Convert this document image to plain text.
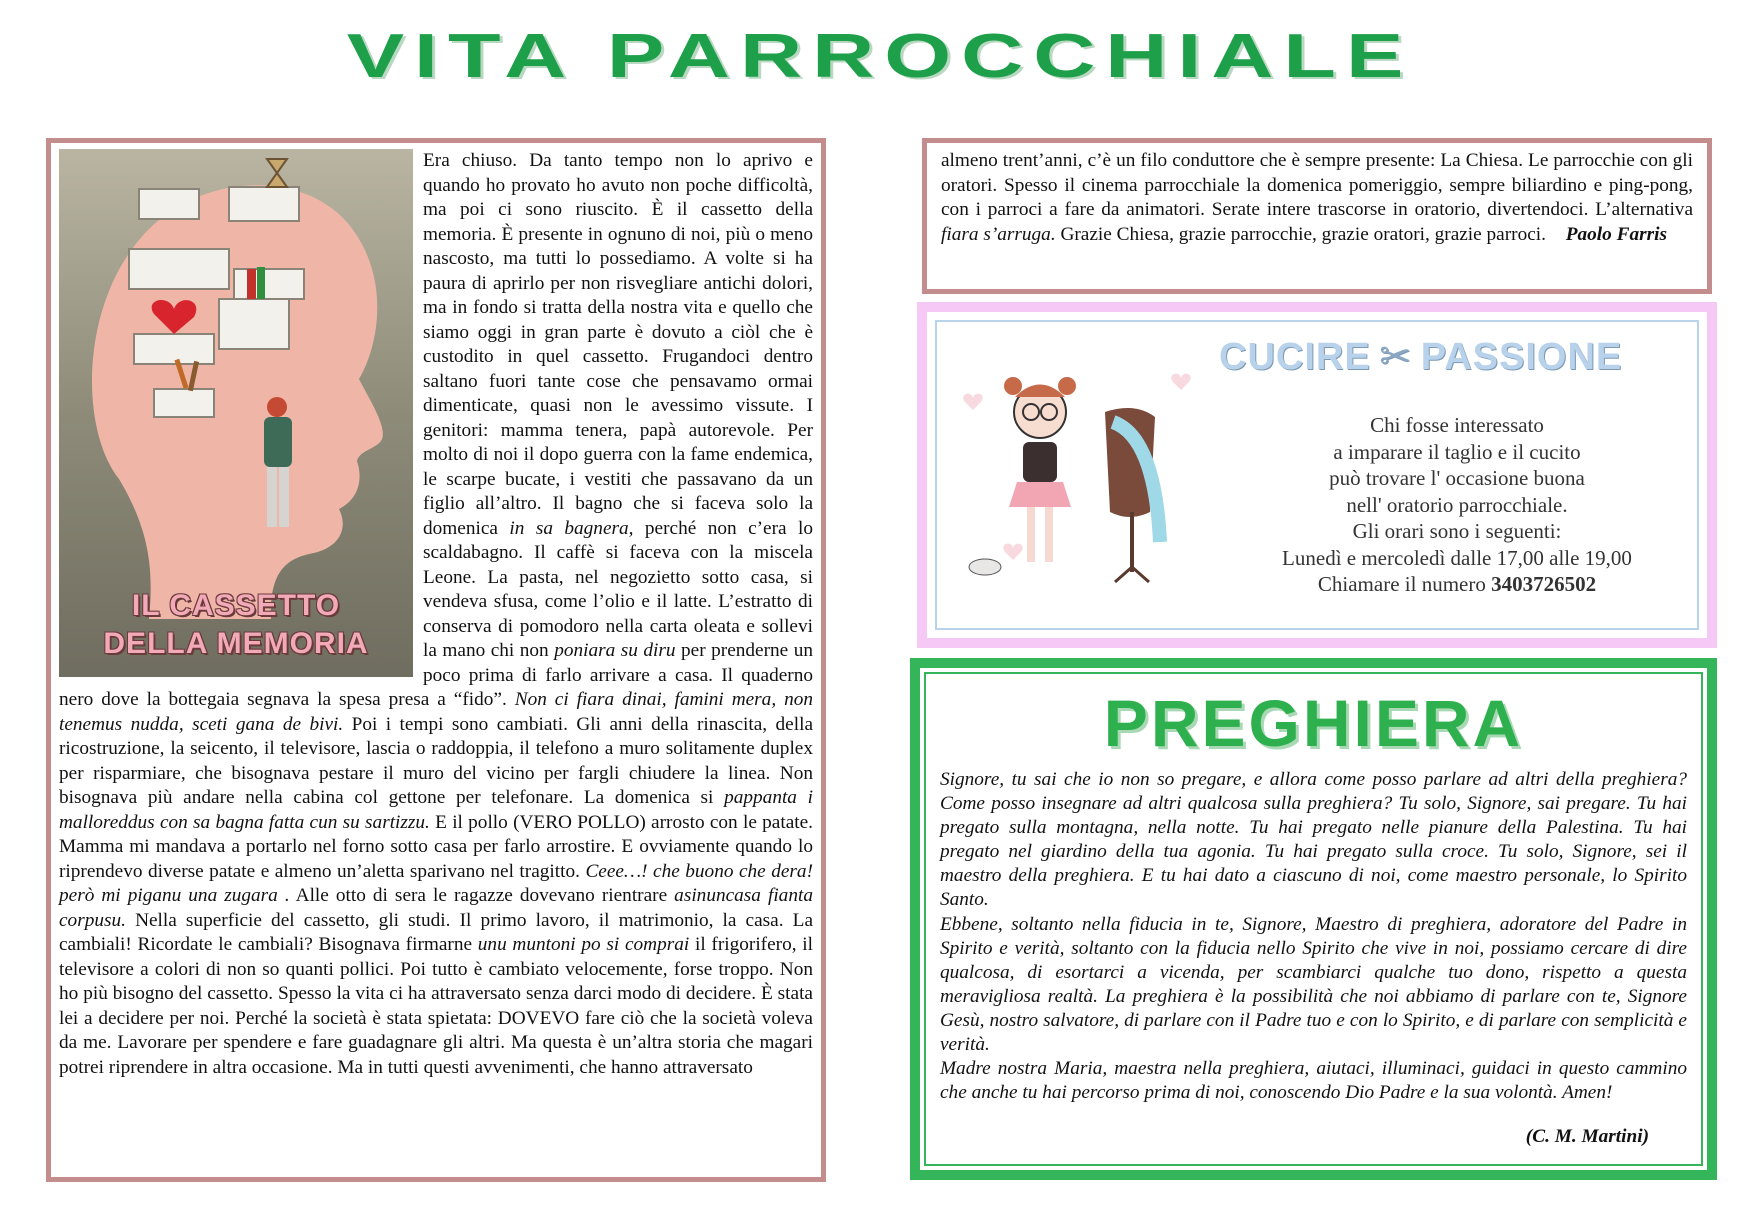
VITA PARROCCHIALE
IL CASSETTO
DELLA MEMORIA

Era chiuso. Da tanto tempo non lo aprivo e quando ho provato ho avuto non poche difficoltà, ma poi ci sono riuscito. È il cassetto della memoria. È presente in ognuno di noi, più o meno nascosto, ma tutti lo possediamo. A volte si ha paura di aprirlo per non risvegliare antichi dolori, ma in fondo si tratta della nostra vita e quello che siamo oggi in gran parte è dovuto a ciòl che è custodito in quel cassetto. Frugandoci dentro saltano fuori tante cose che pensavamo ormai dimenticate, quasi non le avessimo vissute. I genitori: mamma tenera, papà autorevole. Per molto di noi il dopo guerra con la fame endemica, le scarpe bucate, i vestiti che passavano da un figlio all’altro. Il bagno che si faceva solo la domenica in sa bagnera, perché non c’era lo scaldabagno. Il caffè si faceva con la miscela Leone. La pasta, nel negozietto sotto casa, si vendeva sfusa, come l’olio e il latte. L’estratto di conserva di pomodoro nella carta oleata e sollevi la mano chi non poniara su diru per prenderne un poco prima di farlo arrivare a casa. Il quaderno nero dove la bottegaia segnava la spesa presa a “fido”. Non ci fiara dinai, famini mera, non tenemus nudda, sceti gana de bivi. Poi i tempi sono cambiati. Gli anni della rinascita, della ricostruzione, la seicento, il televisore, lascia o raddoppia, il telefono a muro solitamente duplex per risparmiare, che bisognava pestare il muro del vicino per fargli chiudere la linea. Non bisognava più andare nella cabina col gettone per telefonare. La domenica si pappanta i malloreddus con sa bagna fatta cun su sartizzu. E il pollo (VERO POLLO) arrosto con le patate. Mamma mi mandava a portarlo nel forno sotto casa per farlo arrostire. E ovviamente quando lo riprendevo diverse patate e almeno un’aletta sparivano nel tragitto. Ceee…! che buono che dera! però mi piganu una zugara . Alle otto di sera le ragazze dovevano rientrare asinuncasa fianta corpusu. Nella superficie del cassetto, gli studi. Il primo lavoro, il matrimonio, la casa. La cambiali! Ricordate le cambiali? Bisognava firmarne unu muntoni po si comprai il frigorifero, il televisore a colori di non so quanti pollici. Poi tutto è cambiato velocemente, forse troppo. Non ho più bisogno del cassetto. Spesso la vita ci ha attraversato senza darci modo di decidere. È stata lei a decidere per noi. Perché la società è stata spietata: DOVEVO fare ciò che la società voleva da me. Lavorare per spendere e fare guadagnare gli altri. Ma questa è un’altra storia che magari potrei riprendere in altra occasione. Ma in tutti questi avvenimenti, che hanno attraversato

almeno trent’anni, c’è un filo conduttore che è sempre presente: La Chiesa. Le parrocchie con gli oratori. Spesso il cinema parrocchiale la domenica pomeriggio, sempre biliardino e ping-pong, con i parroci a fare da animatori. Serate intere trascorse in oratorio, divertendoci. L’alternativa fiara s’arruga. Grazie Chiesa, grazie parrocchie, grazie oratori, grazie parroci. Paolo Farris
CUCIRE ✂ PASSIONE
Chi fosse interessato
a imparare il taglio e il cucito
può trovare l' occasione buona
nell' oratorio parrocchiale.
Gli orari sono i seguenti:
Lunedì e mercoledì dalle 17,00 alle 19,00
Chiamare il numero 3403726502
PREGHIERA

Signore, tu sai che io non so pregare, e allora come posso parlare ad altri della preghiera? Come posso insegnare ad altri qualcosa sulla preghiera? Tu solo, Signore, sai pregare. Tu hai pregato sulla montagna, nella notte. Tu hai pregato nelle pianure della Palestina. Tu hai pregato nel giardino della tua agonia. Tu hai pregato sulla croce. Tu solo, Signore, sei il maestro della preghiera. E tu hai dato a ciascuno di noi, come maestro personale, lo Spirito Santo.

Ebbene, soltanto nella fiducia in te, Signore, Maestro di preghiera, adoratore del Padre in Spirito e verità, soltanto con la fiducia nello Spirito che vive in noi, possiamo cercare di dire qualcosa, di esortarci a vicenda, per scambiarci qualche tuo dono, rispetto a questa meravigliosa realtà. La preghiera è la possibilità che noi abbiamo di parlare con te, Signore Gesù, nostro salvatore, di parlare con il Padre tuo e con lo Spirito, e di parlare con semplicità e verità.

Madre nostra Maria, maestra nella preghiera, aiutaci, illuminaci, guidaci in questo cammino che anche tu hai percorso prima di noi, conoscendo Dio Padre e la sua volontà. Amen!

(C. M. Martini)
